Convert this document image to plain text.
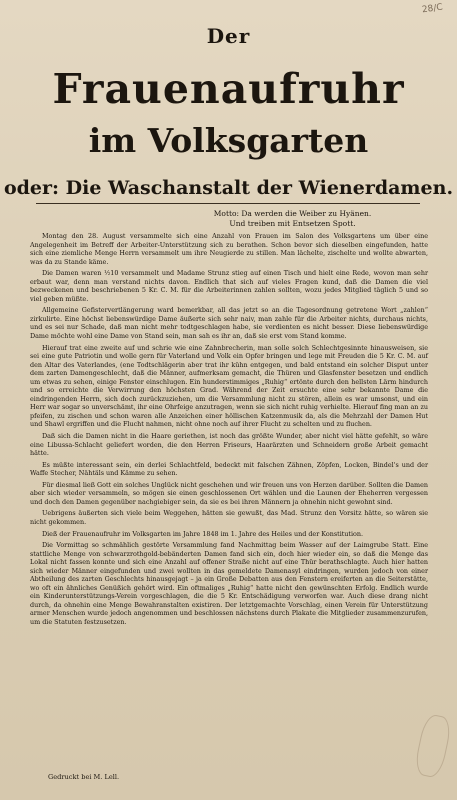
28/C
Der
Frauenaufruhr
im Volksgarten
oder: Die Waschanstalt der Wienerdamen.
Motto: Da werden die Weiber zu Hyänen.
Und treiben mit Entsetzen Spott.

Montag den 28. August versammelte sich eine Anzahl von Frauen im Salon des Volksgartens um über eine Angelegenheit im Betreff der Arbeiter-Unterstützung sich zu berathen. Schon bevor sich dieselben eingefunden, hatte sich eine ziemliche Menge Herrn versammelt um ihre Neugierde zu stillen. Man lächelte, zischelte und wollte abwarten, was da zu Stande käme.

Die Damen waren ½10 versammelt und Madame Strunz stieg auf einen Tisch und hielt eine Rede, wovon man sehr erbaut war, denn man verstand nichts davon. Endlich that sich auf vieles Fragen kund, daß die Damen die viel bezweckenen und beschriebenen 5 Kr. C. M. für die Arbeiterinnen zahlen sollten, wozu jedes Mitglied täglich 5 und so viel geben müßte.

Allgemeine Gefistervertlängerung ward bemerkbar, all das jetzt so an die Tagesordnung getretene Wort „zahlen“ zirkulirte. Eine höchst liebenswürdige Dame äußerte sich sehr naiv, man zahle für die Arbeiter nichts, durchaus nichts, und es sei nur Schade, daß man nicht mehr todtgeschlagen habe, sie verdienten es nicht besser. Diese liebenswürdige Dame möchte wohl eine Dame von Stand sein, man sah es ihr an, daß sie erst vom Stand komme.

Hierauf trat eine zweite auf und schrie wie eine Zahnbrecherin, man solle solch Schlechtgesinnte hinausweisen, sie sei eine gute Patriotin und wolle gern für Vaterland und Volk ein Opfer bringen und lege mit Freuden die 5 Kr. C. M. auf den Altar des Vaterlandes, (ene Todtschlägerin aber trat ihr kühn entgegen, und bald entstand ein solcher Disput unter dem zarten Damengeschlecht, daß die Männer, aufmerksam gemacht, die Thüren und Glasfenster besetzen und endlich um etwas zu sehen, einige Fenster einschlugen. Ein hunderstimmiges „Ruhig“ ertönte durch den hellsten Lärm hindurch und so erreichte die Verwirrung den höchsten Grad. Während der Zeit ersuchte eine sehr bekannte Dame die eindringenden Herrn, sich doch zurückzuziehen, um die Versammlung nicht zu stören, allein es war umsonst, und ein Herr war sogar so unverschämt, ihr eine Ohrfeige anzutragen, wenn sie sich nicht ruhig verhielte. Hierauf fing man an zu pfeifen, zu zischen und schon waren alle Anzeichen einer höllischen Katzenmusik da, als die Mehrzahl der Damen Hut und Shawl ergriffen und die Flucht nahmen, nicht ohne noch auf ihrer Flucht zu schelten und zu fluchen.

Daß sich die Damen nicht in die Haare geriethen, ist noch das größte Wunder, aber nicht viel hätte gefehlt, so wäre eine Libussa-Schlacht geliefert worden, die den Herren Friseurs, Haarärzten und Schneidern große Arbeit gemacht hätte.

Es müßte interessant sein, ein derlei Schlachtfeld, bedeckt mit falschen Zähnen, Zöpfen, Locken, Bindel's und der Waffe Stecher, Nähtäls und Kämme zu sehen.

Für diesmal ließ Gott ein solches Unglück nicht geschehen und wir freuen uns von Herzen darüber. Sollten die Damen aber sich wieder versammeln, so mögen sie einen geschlossenen Ort wählen und die Launen der Eheherren vergessen und doch den Damen gegenüber nachgiebiger sein, da sie es bei ihren Männern ja ohnehin nicht gewohnt sind.

Uebrigens äußerten sich viele beim Weggehen, hätten sie gewußt, das Mad. Strunz den Vorsitz hätte, so wären sie nicht gekommen.

Dieß der Frauenaufruhr im Volksgarten im Jahre 1848 im 1. Jahre des Heiles und der Konstitution.

Die Vormittag so schmählich gestörte Versammlung fand Nachmittag beim Wasser auf der Laimgrube Statt. Eine stattliche Menge von schwarzrothgold-bebänderten Damen fand sich ein, doch hier wieder ein, so daß die Menge das Lokal nicht fassen konnte und sich eine Anzahl auf offener Straße nicht auf eine Thür berathschlagte. Auch hier hatten sich wieder Männer eingefunden und zwei wollten in das gemeldete Damenasyl eindringen, wurden jedoch von einer Abtheilung des zarten Geschlechts hinausgejagt – ja ein Große Debatten aus den Fenstern ereiferten an die Seiterstätte, wo oft ein ähnliches Genüßich gehört wird. Ein oftmaliges „Ruhig“ hatte nicht den gewünschten Erfolg. Endlich wurde ein Kinderunterstützungs-Verein vorgeschlagen, die die 5 Kr. Entschädigung verworfen war. Auch diese drang nicht durch, da ohnehin eine Menge Bewahranstalten existiren. Der letztgemachte Vorschlag, einen Verein für Unterstützung armer Menschen wurde jedoch angenommen und beschlossen nächstens durch Plakate die Mitglieder zusammenzurufen, um die Statuten festzusetzen.

Gedruckt bei M. Lell.
